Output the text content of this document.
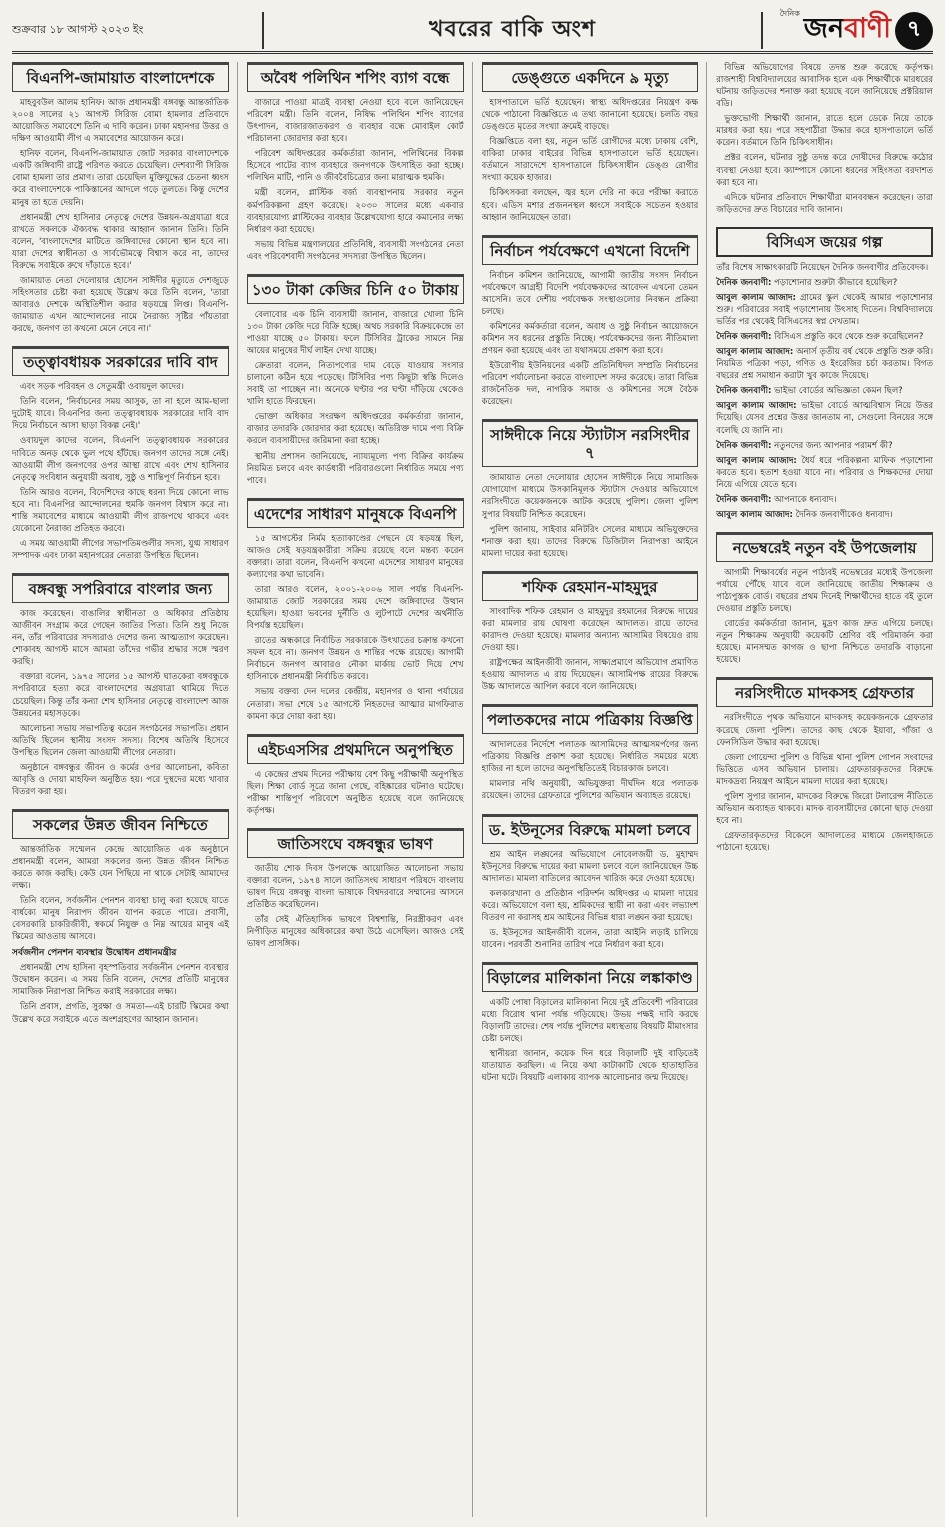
শুক্রবার ১৮ আগস্ট ২০২৩ ইং	খবরের বাকি অংশ
দৈনিক জনবাণী ৭
বিএনপি-জামায়াত বাংলাদেশকে

মাহবুবউল আলম হানিফ। আজ প্রধানমন্ত্রী বঙ্গবন্ধু আন্তর্জাতিক ২০০৪ সালের ২১ আগস্ট সিরিজ বোমা হামলার প্রতিবাদে আয়োজিত সমাবেশে তিনি এ দাবি করেন। ঢাকা মহানগর উত্তর ও দক্ষিণ আওয়ামী লীগ এ সমাবেশের আয়োজন করে।

হানিফ বলেন, বিএনপি-জামায়াত জোট সরকার বাংলাদেশকে একটি জঙ্গিবাদী রাষ্ট্রে পরিণত করতে চেয়েছিল। দেশব্যাপী সিরিজ বোমা হামলা তার প্রমাণ। তারা চেয়েছিল মুক্তিযুদ্ধের চেতনা ধ্বংস করে বাংলাদেশকে পাকিস্তানের আদলে গড়ে তুলতে। কিন্তু দেশের মানুষ তা হতে দেয়নি।

প্রধানমন্ত্রী শেখ হাসিনার নেতৃত্বে দেশের উন্নয়ন-অগ্রযাত্রা ধরে রাখতে সকলকে ঐক্যবদ্ধ থাকার আহ্বান জানান তিনি। তিনি বলেন, 'বাংলাদেশের মাটিতে জঙ্গিবাদের কোনো স্থান হবে না। যারা দেশের স্বাধীনতা ও সার্বভৌমত্বে বিশ্বাস করে না, তাদের বিরুদ্ধে সবাইকে রুখে দাঁড়াতে হবে।'

জামায়াত নেতা দেলোয়ার হোসেন সাঈদীর মৃত্যুতে দেশজুড়ে সহিংসতার চেষ্টা করা হয়েছে উল্লেখ করে তিনি বলেন, 'তারা আবারও দেশকে অস্থিতিশীল করার ষড়যন্ত্রে লিপ্ত। বিএনপি-জামায়াত এখন আন্দোলনের নামে নৈরাজ্য সৃষ্টির পাঁয়তারা করছে, জনগণ তা কখনো মেনে নেবে না।'

তত্ত্বাবধায়ক সরকারের দাবি বাদ

এবং সড়ক পরিবহন ও সেতুমন্ত্রী ওবায়দুল কাদের।

তিনি বলেন, 'নির্বাচনের সময় আসুক, তা না হলে আম-ছালা দুটোই যাবে। বিএনপির জন্য তত্ত্বাবধায়ক সরকারের দাবি বাদ দিয়ে নির্বাচনে আসা ছাড়া বিকল্প নেই।'

ওবায়দুল কাদের বলেন, বিএনপি তত্ত্বাবধায়ক সরকারের দাবিতে অনড় থেকে ভুল পথে হাঁটছে। জনগণ তাদের সঙ্গে নেই। আওয়ামী লীগ জনগণের ওপর আস্থা রাখে এবং শেখ হাসিনার নেতৃত্বে সংবিধান অনুযায়ী অবাধ, সুষ্ঠু ও শান্তিপূর্ণ নির্বাচন হবে।

তিনি আরও বলেন, বিদেশিদের কাছে ধরনা দিয়ে কোনো লাভ হবে না। বিএনপির আন্দোলনের হুমকি জনগণ বিশ্বাস করে না। শান্তি সমাবেশের মাধ্যমে আওয়ামী লীগ রাজপথে থাকবে এবং যেকোনো নৈরাজ্য প্রতিহত করবে।

এ সময় আওয়ামী লীগের সভাপতিমণ্ডলীর সদস্য, যুগ্ম সাধারণ সম্পাদক এবং ঢাকা মহানগরের নেতারা উপস্থিত ছিলেন।

বঙ্গবন্ধু সপরিবারে বাংলার জন্য

কাজ করেছেন। বাঙালির স্বাধীনতা ও অধিকার প্রতিষ্ঠায় আজীবন সংগ্রাম করে গেছেন জাতির পিতা। তিনি শুধু নিজে নন, তাঁর পরিবারের সদস্যরাও দেশের জন্য আত্মত্যাগ করেছেন। শোকাবহ আগস্ট মাসে আমরা তাঁদের গভীর শ্রদ্ধার সঙ্গে স্মরণ করছি।

বক্তারা বলেন, ১৯৭৫ সালের ১৫ আগস্ট ঘাতকেরা বঙ্গবন্ধুকে সপরিবারে হত্যা করে বাংলাদেশের অগ্রযাত্রা থামিয়ে দিতে চেয়েছিল। কিন্তু তাঁর কন্যা শেখ হাসিনার নেতৃত্বে বাংলাদেশ আজ উন্নয়নের মহাসড়কে।

আলোচনা সভায় সভাপতিত্ব করেন সংগঠনের সভাপতি। প্রধান অতিথি ছিলেন স্থানীয় সংসদ সদস্য। বিশেষ অতিথি হিসেবে উপস্থিত ছিলেন জেলা আওয়ামী লীগের নেতারা।

অনুষ্ঠানে বঙ্গবন্ধুর জীবন ও কর্মের ওপর আলোচনা, কবিতা আবৃত্তি ও দোয়া মাহফিল অনুষ্ঠিত হয়। পরে দুস্থদের মধ্যে খাবার বিতরণ করা হয়।

সকলের উন্নত জীবন নিশ্চিতে

আন্তর্জাতিক সম্মেলন কেন্দ্রে আয়োজিত এক অনুষ্ঠানে প্রধানমন্ত্রী বলেন, আমরা সকলের জন্য উন্নত জীবন নিশ্চিত করতে কাজ করছি। কেউ যেন পিছিয়ে না থাকে সেটাই আমাদের লক্ষ্য।

তিনি বলেন, সর্বজনীন পেনশন ব্যবস্থা চালু করা হয়েছে যাতে বার্ধক্যে মানুষ নিরাপদ জীবন যাপন করতে পারে। প্রবাসী, বেসরকারি চাকরিজীবী, স্বকর্মে নিযুক্ত ও নিম্ন আয়ের মানুষ এই স্কিমের আওতায় আসবে।

সর্বজনীন পেনশন ব্যবস্থার উদ্বোধন প্রধানমন্ত্রীর

প্রধানমন্ত্রী শেখ হাসিনা বৃহস্পতিবার সর্বজনীন পেনশন ব্যবস্থার উদ্বোধন করেন। এ সময় তিনি বলেন, দেশের প্রতিটি মানুষের সামাজিক নিরাপত্তা নিশ্চিত করাই সরকারের লক্ষ্য।

তিনি প্রবাস, প্রগতি, সুরক্ষা ও সমতা—এই চারটি স্কিমের কথা উল্লেখ করে সবাইকে এতে অংশগ্রহণের আহ্বান জানান।

অবৈধ পলিথিন শপিং ব্যাগ বন্ধে

বাজারে পাওয়া মাত্রই ব্যবস্থা নেওয়া হবে বলে জানিয়েছেন পরিবেশ মন্ত্রী। তিনি বলেন, নিষিদ্ধ পলিথিন শপিং ব্যাগের উৎপাদন, বাজারজাতকরণ ও ব্যবহার বন্ধে মোবাইল কোর্ট পরিচালনা জোরদার করা হবে।

পরিবেশ অধিদপ্তরের কর্মকর্তারা জানান, পলিথিনের বিকল্প হিসেবে পাটের ব্যাগ ব্যবহারে জনগণকে উৎসাহিত করা হচ্ছে। পলিথিন মাটি, পানি ও জীববৈচিত্র্যের জন্য মারাত্মক হুমকি।

মন্ত্রী বলেন, প্লাস্টিক বর্জ্য ব্যবস্থাপনায় সরকার নতুন কর্মপরিকল্পনা গ্রহণ করেছে। ২০৩০ সালের মধ্যে একবার ব্যবহারযোগ্য প্লাস্টিকের ব্যবহার উল্লেখযোগ্য হারে কমানোর লক্ষ্য নির্ধারণ করা হয়েছে।

সভায় বিভিন্ন মন্ত্রণালয়ের প্রতিনিধি, ব্যবসায়ী সংগঠনের নেতা এবং পরিবেশবাদী সংগঠনের সদস্যরা উপস্থিত ছিলেন।

১৩০ টাকা কেজির চিনি ৫০ টাকায়

বেলাবোর এক চিনি ব্যবসায়ী জানান, বাজারে খোলা চিনি ১৩০ টাকা কেজি দরে বিক্রি হচ্ছে। অথচ সরকারি বিক্রয়কেন্দ্রে তা পাওয়া যাচ্ছে ৫০ টাকায়। ফলে টিসিবির ট্রাকের সামনে নিম্ন আয়ের মানুষের দীর্ঘ লাইন দেখা যাচ্ছে।

ক্রেতারা বলেন, নিত্যপণ্যের দাম বেড়ে যাওয়ায় সংসার চালানো কঠিন হয়ে পড়েছে। টিসিবির পণ্য কিছুটা স্বস্তি দিলেও সবাই তা পাচ্ছেন না। অনেকে ঘণ্টার পর ঘণ্টা দাঁড়িয়ে থেকেও খালি হাতে ফিরছেন।

ভোক্তা অধিকার সংরক্ষণ অধিদপ্তরের কর্মকর্তারা জানান, বাজার তদারকি জোরদার করা হয়েছে। অতিরিক্ত দামে পণ্য বিক্রি করলে ব্যবসায়ীদের জরিমানা করা হচ্ছে।

স্থানীয় প্রশাসন জানিয়েছে, ন্যায্যমূল্যে পণ্য বিক্রির কার্যক্রম নিয়মিত চলবে এবং কার্ডধারী পরিবারগুলো নির্ধারিত সময়ে পণ্য পাবে।

এদেশের সাধারণ মানুষকে বিএনপি

১৫ আগস্টের নির্মম হত্যাকাণ্ডের পেছনে যে ষড়যন্ত্র ছিল, আজও সেই ষড়যন্ত্রকারীরা সক্রিয় রয়েছে বলে মন্তব্য করেন বক্তারা। তারা বলেন, বিএনপি কখনো এদেশের সাধারণ মানুষের কল্যাণের কথা ভাবেনি।

তারা আরও বলেন, ২০০১-২০০৬ সাল পর্যন্ত বিএনপি-জামায়াত জোট সরকারের সময় দেশে জঙ্গিবাদের উত্থান হয়েছিল। হাওয়া ভবনের দুর্নীতি ও লুটপাটে দেশের অর্থনীতি বিপর্যস্ত হয়েছিল।

রাতের অন্ধকারে নির্বাচিত সরকারকে উৎখাতের চক্রান্ত কখনো সফল হবে না। জনগণ উন্নয়ন ও শান্তির পক্ষে রয়েছে। আগামী নির্বাচনে জনগণ আবারও নৌকা মার্কায় ভোট দিয়ে শেখ হাসিনাকে প্রধানমন্ত্রী নির্বাচিত করবে।

সভায় বক্তব্য দেন দলের কেন্দ্রীয়, মহানগর ও থানা পর্যায়ের নেতারা। সভা শেষে ১৫ আগস্টে নিহতদের আত্মার মাগফিরাত কামনা করে দোয়া করা হয়।

এইচএসসির প্রথমদিনে অনুপস্থিত

এ কেন্দ্রের প্রথম দিনের পরীক্ষায় বেশ কিছু পরীক্ষার্থী অনুপস্থিত ছিল। শিক্ষা বোর্ড সূত্রে জানা গেছে, বহিষ্কারের ঘটনাও ঘটেছে। পরীক্ষা শান্তিপূর্ণ পরিবেশে অনুষ্ঠিত হয়েছে বলে জানিয়েছে কর্তৃপক্ষ।

জাতিসংঘে বঙ্গবন্ধুর ভাষণ

জাতীয় শোক দিবস উপলক্ষে আয়োজিত আলোচনা সভায় বক্তারা বলেন, ১৯৭৪ সালে জাতিসংঘ সাধারণ পরিষদে বাংলায় ভাষণ দিয়ে বঙ্গবন্ধু বাংলা ভাষাকে বিশ্বদরবারে সম্মানের আসনে প্রতিষ্ঠিত করেছিলেন।

তাঁর সেই ঐতিহাসিক ভাষণে বিশ্বশান্তি, নিরস্ত্রীকরণ এবং নিপীড়িত মানুষের অধিকারের কথা উঠে এসেছিল। আজও সেই ভাষণ প্রাসঙ্গিক।

ডেঙ্গুতে একদিনে ৯ মৃত্যু

হাসপাতালে ভর্তি হয়েছেন। স্বাস্থ্য অধিদপ্তরের নিয়ন্ত্রণ কক্ষ থেকে পাঠানো বিজ্ঞপ্তিতে এ তথ্য জানানো হয়েছে। চলতি বছর ডেঙ্গুতে মৃতের সংখ্যা ক্রমেই বাড়ছে।

বিজ্ঞপ্তিতে বলা হয়, নতুন ভর্তি রোগীদের মধ্যে ঢাকায় বেশি, বাকিরা ঢাকার বাইরের বিভিন্ন হাসপাতালে ভর্তি হয়েছেন। বর্তমানে সারাদেশে হাসপাতালে চিকিৎসাধীন ডেঙ্গু রোগীর সংখ্যা কয়েক হাজার।

চিকিৎসকরা বলছেন, জ্বর হলে দেরি না করে পরীক্ষা করাতে হবে। এডিস মশার প্রজননস্থল ধ্বংসে সবাইকে সচেতন হওয়ার আহ্বান জানিয়েছেন তারা।

নির্বাচন পর্যবেক্ষণে এখনো বিদেশি

নির্বাচন কমিশন জানিয়েছে, আগামী জাতীয় সংসদ নির্বাচন পর্যবেক্ষণে আগ্রহী বিদেশি পর্যবেক্ষকদের আবেদন এখনো তেমন আসেনি। তবে দেশীয় পর্যবেক্ষক সংস্থাগুলোর নিবন্ধন প্রক্রিয়া চলছে।

কমিশনের কর্মকর্তারা বলেন, অবাধ ও সুষ্ঠু নির্বাচন আয়োজনে কমিশন সব ধরনের প্রস্তুতি নিচ্ছে। পর্যবেক্ষকদের জন্য নীতিমালা প্রণয়ন করা হয়েছে এবং তা যথাসময়ে প্রকাশ করা হবে।

ইউরোপীয় ইউনিয়নের একটি প্রতিনিধিদল সম্প্রতি নির্বাচনের পরিবেশ পর্যালোচনা করতে বাংলাদেশ সফর করেছে। তারা বিভিন্ন রাজনৈতিক দল, নাগরিক সমাজ ও কমিশনের সঙ্গে বৈঠক করেছেন।

সাঈদীকে নিয়ে স্ট্যাটাস নরসিংদীর ৭

জামায়াত নেতা দেলোয়ার হোসেন সাঈদীকে নিয়ে সামাজিক যোগাযোগ মাধ্যমে উসকানিমূলক স্ট্যাটাস দেওয়ার অভিযোগে নরসিংদীতে কয়েকজনকে আটক করেছে পুলিশ। জেলা পুলিশ সুপার বিষয়টি নিশ্চিত করেছেন।

পুলিশ জানায়, সাইবার মনিটরিং সেলের মাধ্যমে অভিযুক্তদের শনাক্ত করা হয়। তাদের বিরুদ্ধে ডিজিটাল নিরাপত্তা আইনে মামলা দায়ের করা হয়েছে।

শফিক রেহমান-মাহমুদুর

সাংবাদিক শফিক রেহমান ও মাহমুদুর রহমানের বিরুদ্ধে দায়ের করা মামলার রায় ঘোষণা করেছেন আদালত। রায়ে তাদের কারাদণ্ড দেওয়া হয়েছে। মামলার অন্যান্য আসামির বিষয়েও রায় দেওয়া হয়।

রাষ্ট্রপক্ষের আইনজীবী জানান, সাক্ষ্যপ্রমাণে অভিযোগ প্রমাণিত হওয়ায় আদালত এ রায় দিয়েছেন। আসামিপক্ষ রায়ের বিরুদ্ধে উচ্চ আদালতে আপিল করবে বলে জানিয়েছে।

পলাতকদের নামে পত্রিকায় বিজ্ঞপ্তি

আদালতের নির্দেশে পলাতক আসামিদের আত্মসমর্পণের জন্য পত্রিকায় বিজ্ঞপ্তি প্রকাশ করা হয়েছে। নির্ধারিত সময়ের মধ্যে হাজির না হলে তাদের অনুপস্থিতিতেই বিচারকাজ চলবে।

মামলার নথি অনুযায়ী, অভিযুক্তরা দীর্ঘদিন ধরে পলাতক রয়েছেন। তাদের গ্রেফতারে পুলিশের অভিযান অব্যাহত রয়েছে।

ড. ইউনূসের বিরুদ্ধে মামলা চলবে

শ্রম আইন লঙ্ঘনের অভিযোগে নোবেলজয়ী ড. মুহাম্মদ ইউনূসের বিরুদ্ধে দায়ের করা মামলা চলবে বলে জানিয়েছেন উচ্চ আদালত। মামলা বাতিলের আবেদন খারিজ করে দেওয়া হয়েছে।

কলকারখানা ও প্রতিষ্ঠান পরিদর্শন অধিদপ্তর এ মামলা দায়ের করে। অভিযোগে বলা হয়, শ্রমিকদের স্থায়ী না করা এবং লভ্যাংশ বিতরণ না করাসহ শ্রম আইনের বিভিন্ন ধারা লঙ্ঘন করা হয়েছে।

ড. ইউনূসের আইনজীবী বলেন, তারা আইনি লড়াই চালিয়ে যাবেন। পরবর্তী শুনানির তারিখ পরে নির্ধারণ করা হবে।

বিড়ালের মালিকানা নিয়ে লঙ্কাকাণ্ড

একটি পোষা বিড়ালের মালিকানা নিয়ে দুই প্রতিবেশী পরিবারের মধ্যে বিরোধ থানা পর্যন্ত গড়িয়েছে। উভয় পক্ষই দাবি করছে বিড়ালটি তাদের। শেষ পর্যন্ত পুলিশের মধ্যস্থতায় বিষয়টি মীমাংসার চেষ্টা চলছে।

স্থানীয়রা জানান, কয়েক দিন ধরে বিড়ালটি দুই বাড়িতেই যাতায়াত করছিল। এ নিয়ে কথা কাটাকাটি থেকে হাতাহাতির ঘটনা ঘটে। বিষয়টি এলাকায় ব্যাপক আলোচনার জন্ম দিয়েছে।

বিভিন্ন অভিযোগের বিষয়ে তদন্ত শুরু করেছে কর্তৃপক্ষ। রাজশাহী বিশ্ববিদ্যালয়ের আবাসিক হলে এক শিক্ষার্থীকে মারধরের ঘটনায় জড়িতদের শনাক্ত করা হয়েছে বলে জানিয়েছে প্রক্টরিয়াল বডি।

ভুক্তভোগী শিক্ষার্থী জানান, রাতে হলে ডেকে নিয়ে তাকে মারধর করা হয়। পরে সহপাঠীরা উদ্ধার করে হাসপাতালে ভর্তি করেন। বর্তমানে তিনি চিকিৎসাধীন।

প্রক্টর বলেন, ঘটনার সুষ্ঠু তদন্ত করে দোষীদের বিরুদ্ধে কঠোর ব্যবস্থা নেওয়া হবে। ক্যাম্পাসে কোনো ধরনের সহিংসতা বরদাশত করা হবে না।

এদিকে ঘটনার প্রতিবাদে শিক্ষার্থীরা মানববন্ধন করেছেন। তারা জড়িতদের দ্রুত বিচারের দাবি জানান।

বিসিএস জয়ের গল্প

তাঁর বিশেষ সাক্ষাৎকারটি নিয়েছেন দৈনিক জনবাণীর প্রতিবেদক।

দৈনিক জনবাণী: পড়াশোনার শুরুটা কীভাবে হয়েছিল?

আবুল কালাম আজাদ: গ্রামের স্কুল থেকেই আমার পড়াশোনার শুরু। পরিবারের সবাই পড়াশোনায় উৎসাহ দিতেন। বিশ্ববিদ্যালয়ে ভর্তির পর থেকেই বিসিএসের স্বপ্ন দেখতাম।

দৈনিক জনবাণী: বিসিএস প্রস্তুতি কবে থেকে শুরু করেছিলেন?

আবুল কালাম আজাদ: অনার্স তৃতীয় বর্ষ থেকে প্রস্তুতি শুরু করি। নিয়মিত পত্রিকা পড়া, গণিত ও ইংরেজির চর্চা করতাম। বিগত বছরের প্রশ্ন সমাধান করাটা খুব কাজে দিয়েছে।

দৈনিক জনবাণী: ভাইভা বোর্ডের অভিজ্ঞতা কেমন ছিল?

আবুল কালাম আজাদ: ভাইভা বোর্ডে আত্মবিশ্বাস নিয়ে উত্তর দিয়েছি। যেসব প্রশ্নের উত্তর জানতাম না, সেগুলো বিনয়ের সঙ্গে বলেছি যে জানি না।

দৈনিক জনবাণী: নতুনদের জন্য আপনার পরামর্শ কী?

আবুল কালাম আজাদ: ধৈর্য ধরে পরিকল্পনা মাফিক পড়াশোনা করতে হবে। হতাশ হওয়া যাবে না। পরিবার ও শিক্ষকদের দোয়া নিয়ে এগিয়ে যেতে হবে।

দৈনিক জনবাণী: আপনাকে ধন্যবাদ।

আবুল কালাম আজাদ: দৈনিক জনবাণীকেও ধন্যবাদ।

নভেম্বরেই নতুন বই উপজেলায়

আগামী শিক্ষাবর্ষের নতুন পাঠ্যবই নভেম্বরের মধ্যেই উপজেলা পর্যায়ে পৌঁছে যাবে বলে জানিয়েছে জাতীয় শিক্ষাক্রম ও পাঠ্যপুস্তক বোর্ড। বছরের প্রথম দিনেই শিক্ষার্থীদের হাতে বই তুলে দেওয়ার প্রস্তুতি চলছে।

বোর্ডের কর্মকর্তারা জানান, মুদ্রণ কাজ দ্রুত এগিয়ে চলছে। নতুন শিক্ষাক্রম অনুযায়ী কয়েকটি শ্রেণির বই পরিমার্জন করা হয়েছে। মানসম্মত কাগজ ও ছাপা নিশ্চিতে তদারকি বাড়ানো হয়েছে।

নরসিংদীতে মাদকসহ গ্রেফতার

নরসিংদীতে পৃথক অভিযানে মাদকসহ কয়েকজনকে গ্রেফতার করেছে জেলা পুলিশ। তাদের কাছ থেকে ইয়াবা, গাঁজা ও ফেনসিডিল উদ্ধার করা হয়েছে।

জেলা গোয়েন্দা পুলিশ ও বিভিন্ন থানা পুলিশ গোপন সংবাদের ভিত্তিতে এসব অভিযান চালায়। গ্রেফতারকৃতদের বিরুদ্ধে মাদকদ্রব্য নিয়ন্ত্রণ আইনে মামলা দায়ের করা হয়েছে।

পুলিশ সুপার জানান, মাদকের বিরুদ্ধে জিরো টলারেন্স নীতিতে অভিযান অব্যাহত থাকবে। মাদক ব্যবসায়ীদের কোনো ছাড় দেওয়া হবে না।

গ্রেফতারকৃতদের বিকেলে আদালতের মাধ্যমে জেলহাজতে পাঠানো হয়েছে।
